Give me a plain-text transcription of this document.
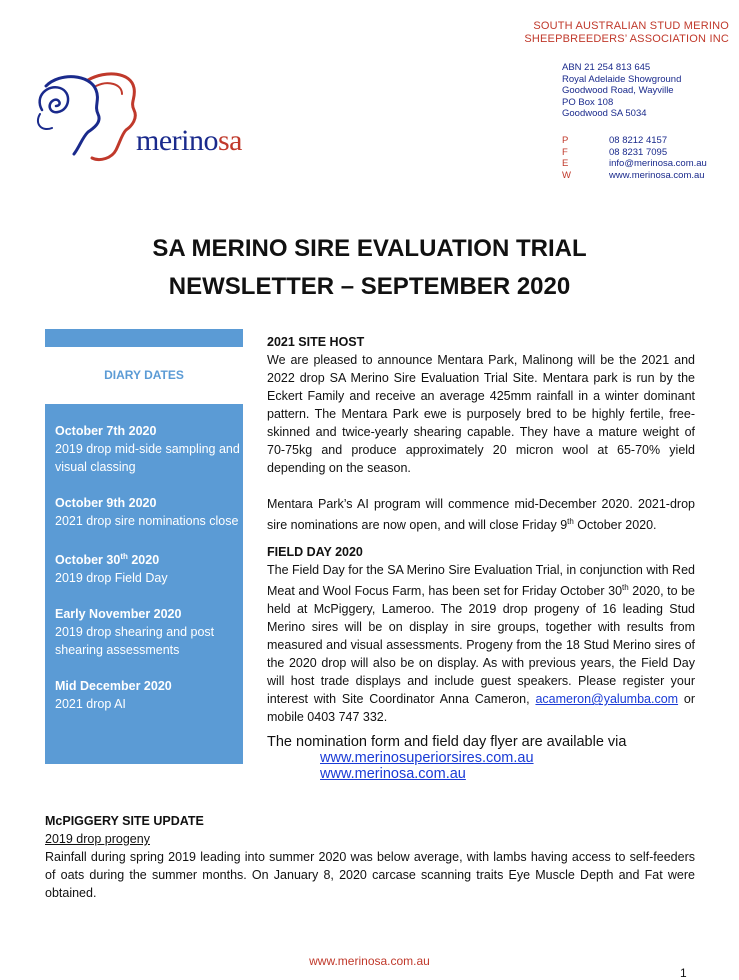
SOUTH AUSTRALIAN STUD MERINO
SHEEPBREEDERS’ ASSOCIATION INC
ABN 21 254 813 645
Royal Adelaide Showground
Goodwood Road, Wayville
PO Box 108
Goodwood SA 5034
P	08 8212 4157
F	08 8231 7095
E	info@merinosa.com.au
W	www.merinosa.com.au
merinosa
SA MERINO SIRE EVALUATION TRIAL
NEWSLETTER – SEPTEMBER 2020
DIARY DATES
October 7th 2020
2019 drop mid-side sampling and visual classing
October 9th 2020
2021 drop sire nominations close
October 30th 2020
2019 drop Field Day
Early November 2020
2019 drop shearing and post shearing assessments
Mid December 2020
2021 drop AI
2021 SITE HOST
We are pleased to announce Mentara Park, Malinong will be the 2021 and 2022 drop SA Merino Sire Evaluation Trial Site. Mentara park is run by the Eckert Family and receive an average 425mm rainfall in a winter dominant pattern. The Mentara Park ewe is purposely bred to be highly fertile, free-skinned and twice-yearly shearing capable. They have a mature weight of 70-75kg and produce approximately 20 micron wool at 65-70% yield depending on the season.
Mentara Park’s AI program will commence mid-December 2020. 2021-drop sire nominations are now open, and will close Friday 9th October 2020.
FIELD DAY 2020
The Field Day for the SA Merino Sire Evaluation Trial, in conjunction with Red Meat and Wool Focus Farm, has been set for Friday October 30th 2020, to be held at McPiggery, Lameroo. The 2019 drop progeny of 16 leading Stud Merino sires will be on display in sire groups, together with results from measured and visual assessments. Progeny from the 18 Stud Merino sires of the 2020 drop will also be on display. As with previous years, the Field Day will host trade displays and include guest speakers. Please register your interest with Site Coordinator Anna Cameron, acameron@yalumba.com or mobile 0403 747 332.
The nomination form and field day flyer are available via
www.merinosuperiorsires.com.au
www.merinosa.com.au
McPIGGERY SITE UPDATE
2019 drop progeny
Rainfall during spring 2019 leading into summer 2020 was below average, with lambs having access to self-feeders of oats during the summer months. On January 8, 2020 carcase scanning traits Eye Muscle Depth and Fat were obtained.
www.merinosa.com.au
1
